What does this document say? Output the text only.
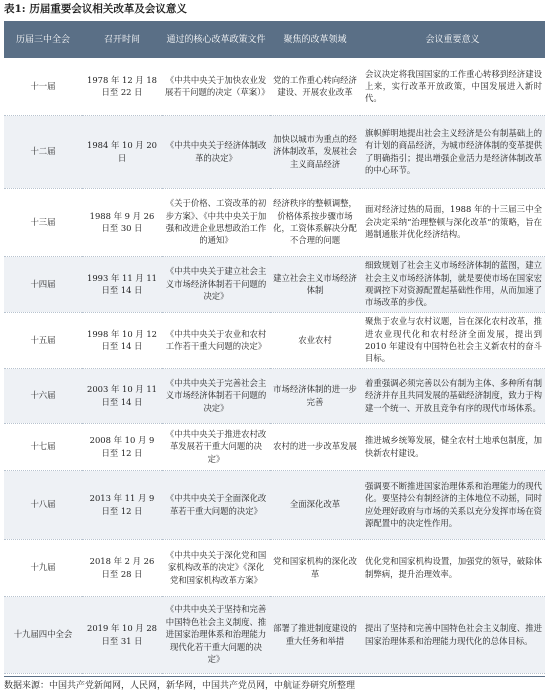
表1: 历届重要会议相关改革及会议意义
历届三中全会	召开时间	通过的核心改革政策文件	聚焦的改革领域	会议重要意义
十一届	1978 年 12 月 18 日至 22 日	《中共中央关于加快农业发展若干问题的决定（草案）》	党的工作重心转向经济建设、开展农业改革	会议决定将我国国家的工作重心转移到经济建设上来，实行改革开放政策，中国发展进入新时代。
十二届	1984 年 10 月 20 日	《中共中央关于经济体制改革的决定》	加快以城市为重点的经济体制改革，发展社会主义商品经济	旗帜鲜明地提出社会主义经济是公有制基础上的有计划的商品经济，为城市经济体制的变革提供了明确指引；提出增强企业活力是经济体制改革的中心环节。
十三届	1988 年 9 月 26 日至 30 日	《关于价格、工资改革的初步方案》、《中共中央关于加强和改进企业思想政治工作的通知》	经济秩序的整顿调整，价格体系按步骤市场化，工资体系解决分配不合理的问题	面对经济过热的局面，1988 年的十三届三中全会决定采纳“治理整顿与深化改革”的策略，旨在遏制通胀并优化经济结构。
十四届	1993 年 11 月 11 日至 14 日	《中共中央关于建立社会主义市场经济体制若干问题的决定》	建立社会主义市场经济体制	细致规划了社会主义市场经济体制的蓝图，建立社会主义市场经济体制，就是要使市场在国家宏观调控下对资源配置起基础性作用，从而加速了市场改革的步伐。
十五届	1998 年 10 月 12 日至 14 日	《中共中央关于农业和农村工作若干重大问题的决定》	农业农村	聚焦于农业与农村议题，旨在深化农村改革，推进农业现代化和农村经济全面发展，提出到 2010 年建设有中国特色社会主义新农村的奋斗目标。
十六届	2003 年 10 月 11 日至 14 日	《中共中央关于完善社会主义市场经济体制若干问题的决定》	市场经济体制的进一步完善	着重强调必须完善以公有制为主体、多种所有制经济并存且共同发展的基础经济制度，致力于构建一个统一、开放且竞争有序的现代市场体系。
十七届	2008 年 10 月 9 日至 12 日	《中共中央关于推进农村改革发展若干重大问题的决定》	农村的进一步改革发展	推进城乡统筹发展，健全农村土地承包制度，加快新农村建设。
十八届	2013 年 11 月 9 日至 12 日	《中共中央关于全面深化改革若干重大问题的决定》	全面深化改革	强调要不断推进国家治理体系和治理能力的现代化。要坚持公有制经济的主体地位不动摇，同时应处理好政府与市场的关系以充分发挥市场在资源配置中的决定性作用。
十九届	2018 年 2 月 26 日至 28 日	《中共中央关于深化党和国家机构改革的决定》《深化党和国家机构改革方案》	党和国家机构的深化改革	优化党和国家机构设置，加强党的领导，破除体制弊病，提升治理效率。
十九届四中全会	2019 年 10 月 28 日至 31 日	《中共中央关于坚持和完善中国特色社会主义制度、推进国家治理体系和治理能力现代化若干重大问题的决定》	部署了推进制度建设的重大任务和举措	提出了坚持和完善中国特色社会主义制度、推进国家治理体系和治理能力现代化的总体目标。
数据来源：中国共产党新闻网，人民网，新华网，中国共产党员网，中航证券研究所整理
